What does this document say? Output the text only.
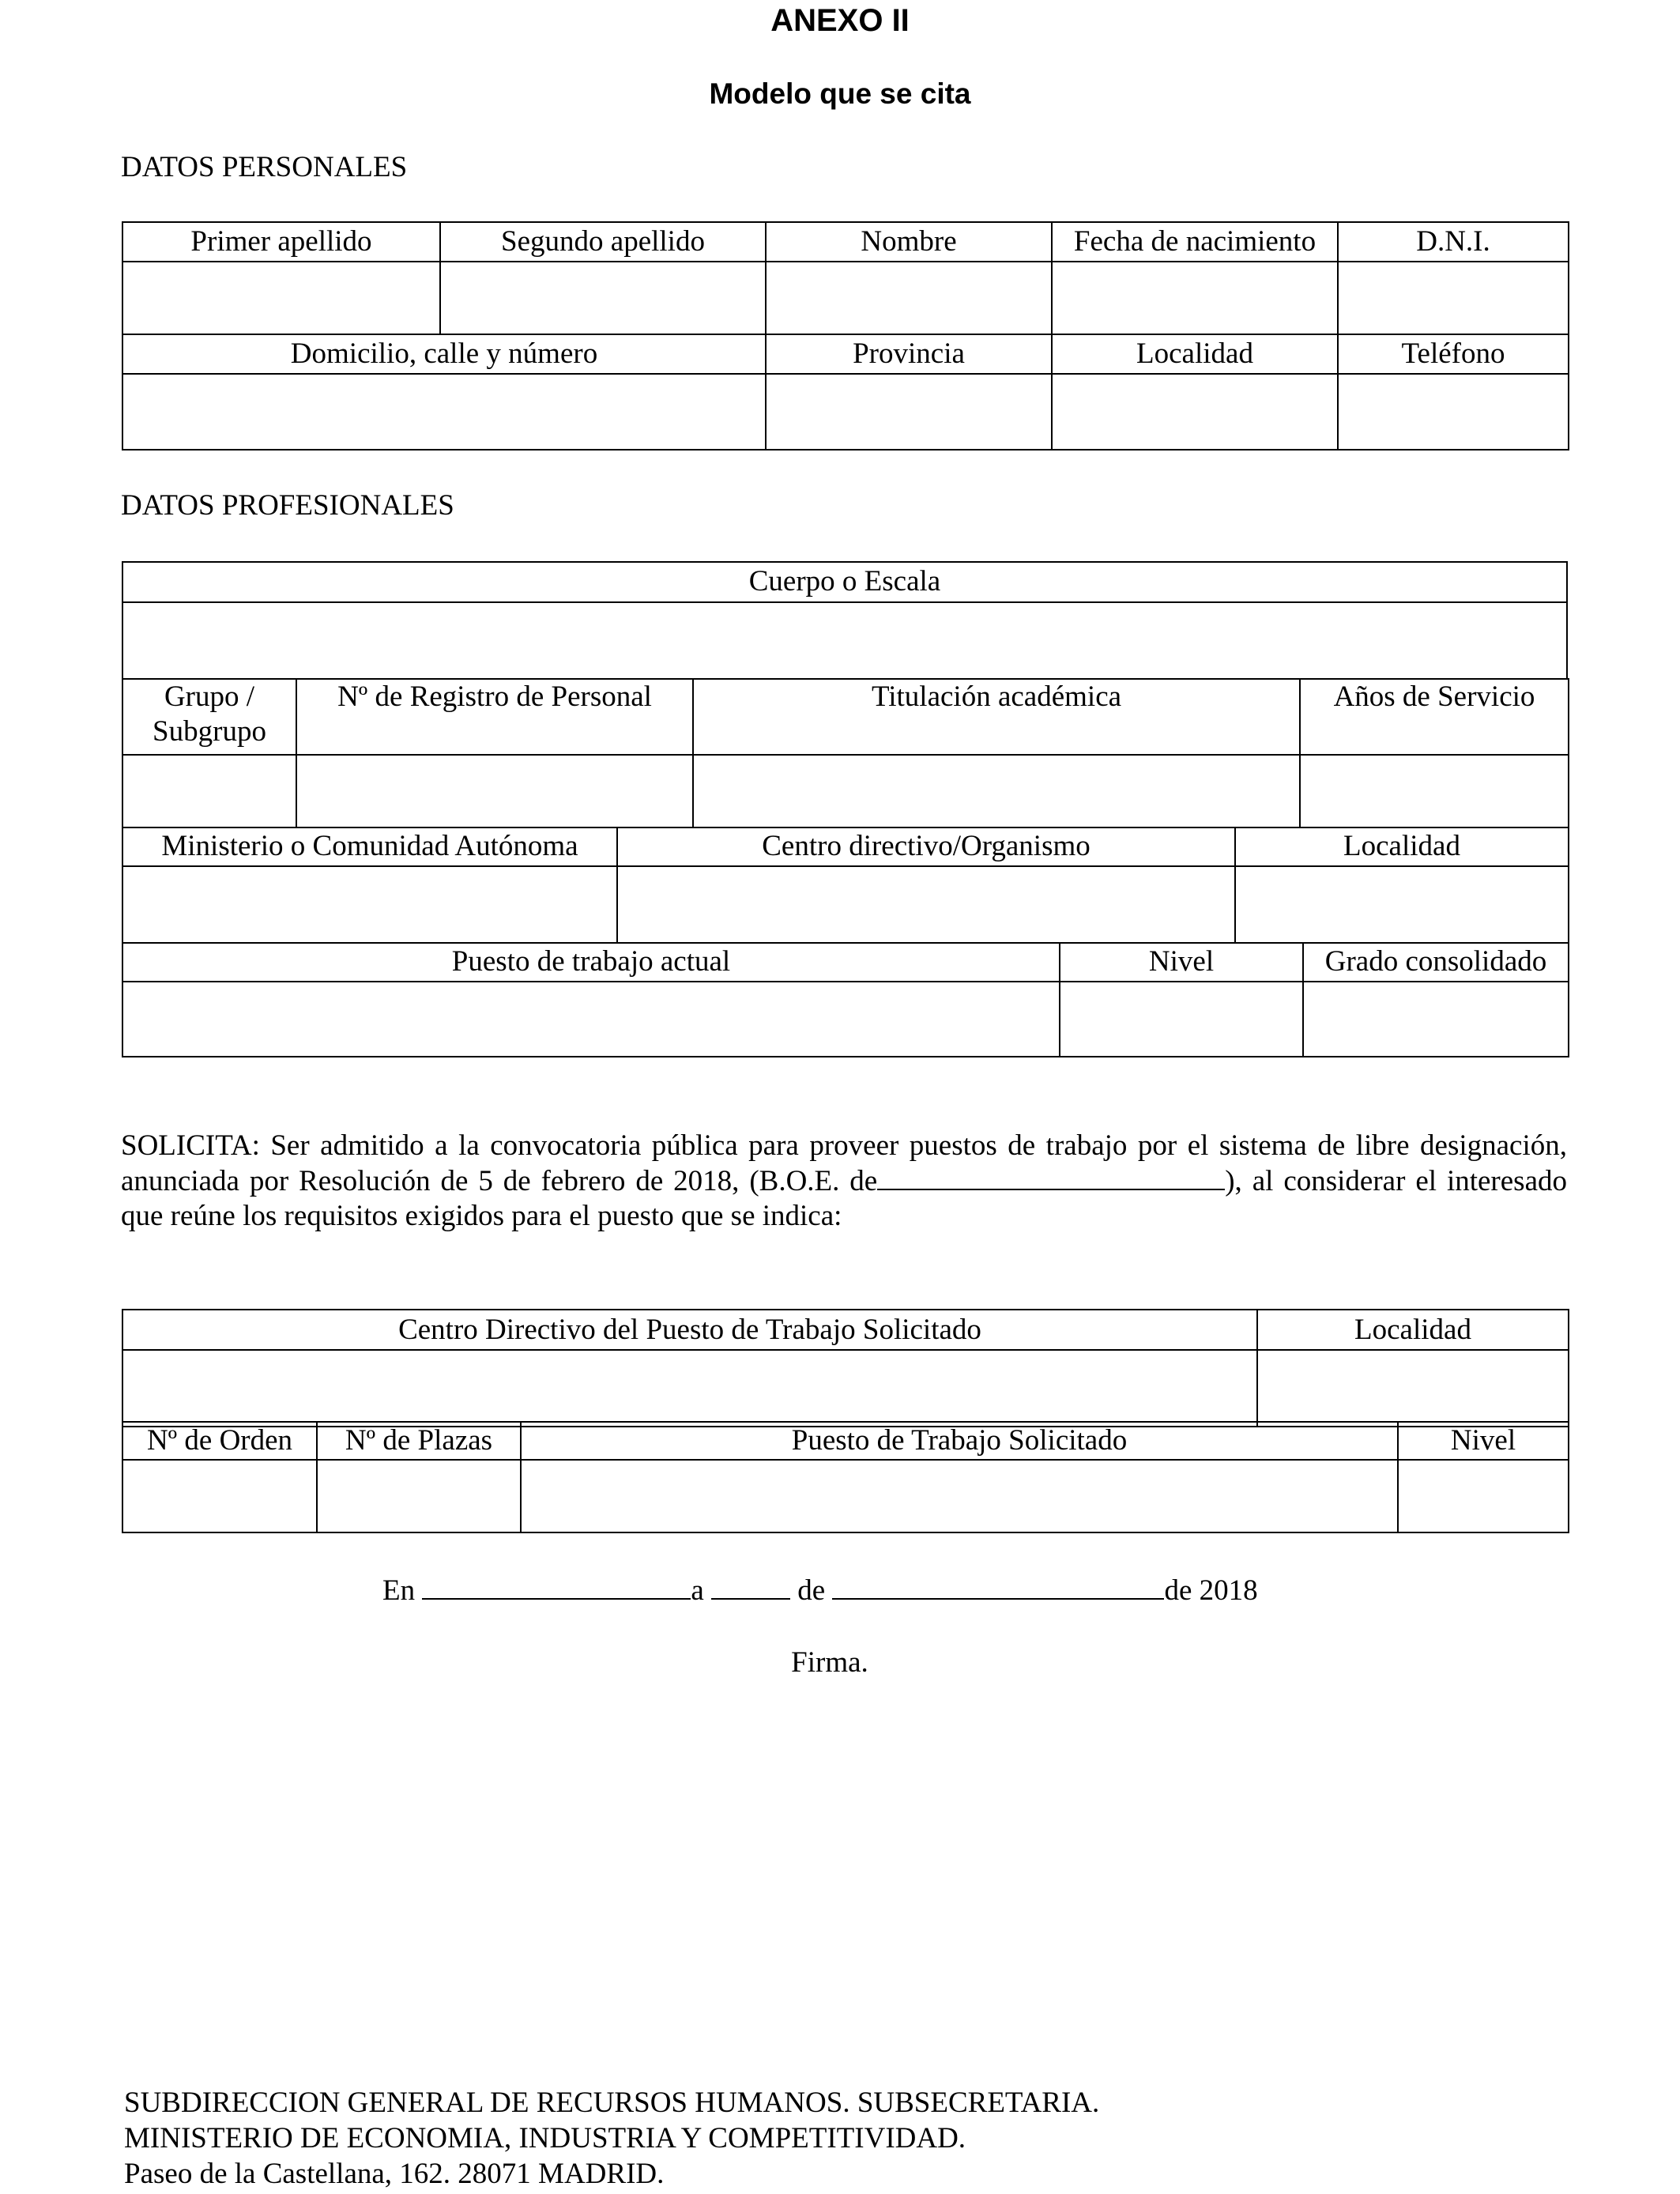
ANEXO II
Modelo que se cita
DATOS PERSONALES
Primer apellido	Segundo apellido	Nombre	Fecha de nacimiento	D.N.I.

Domicilio, calle y número		Provincia	Localidad	Teléfono

DATOS PROFESIONALES
Cuerpo o Escala

Grupo / Subgrupo	Nº de Registro de Personal	Titulación académica	Años de Servicio

Ministerio o Comunidad Autónoma	Centro directivo/Organismo	Localidad

Puesto de trabajo actual	Nivel	Grado consolidado

SOLICITA: Ser admitido a la convocatoria pública para proveer puestos de trabajo por el sistema de libre designación, anunciada por Resolución de 5 de febrero de 2018, (B.O.E. de	), al considerar el interesado que reúne los requisitos exigidos para el puesto que se indica:
Centro Directivo del Puesto de Trabajo Solicitado	Localidad

Nº de Orden	Nº de Plazas	Puesto de Trabajo Solicitado	Nivel

En	a	de	de 2018
Firma.
SUBDIRECCION GENERAL DE RECURSOS HUMANOS. SUBSECRETARIA.
MINISTERIO DE ECONOMIA, INDUSTRIA Y COMPETITIVIDAD.
Paseo de la Castellana, 162. 28071 MADRID.
